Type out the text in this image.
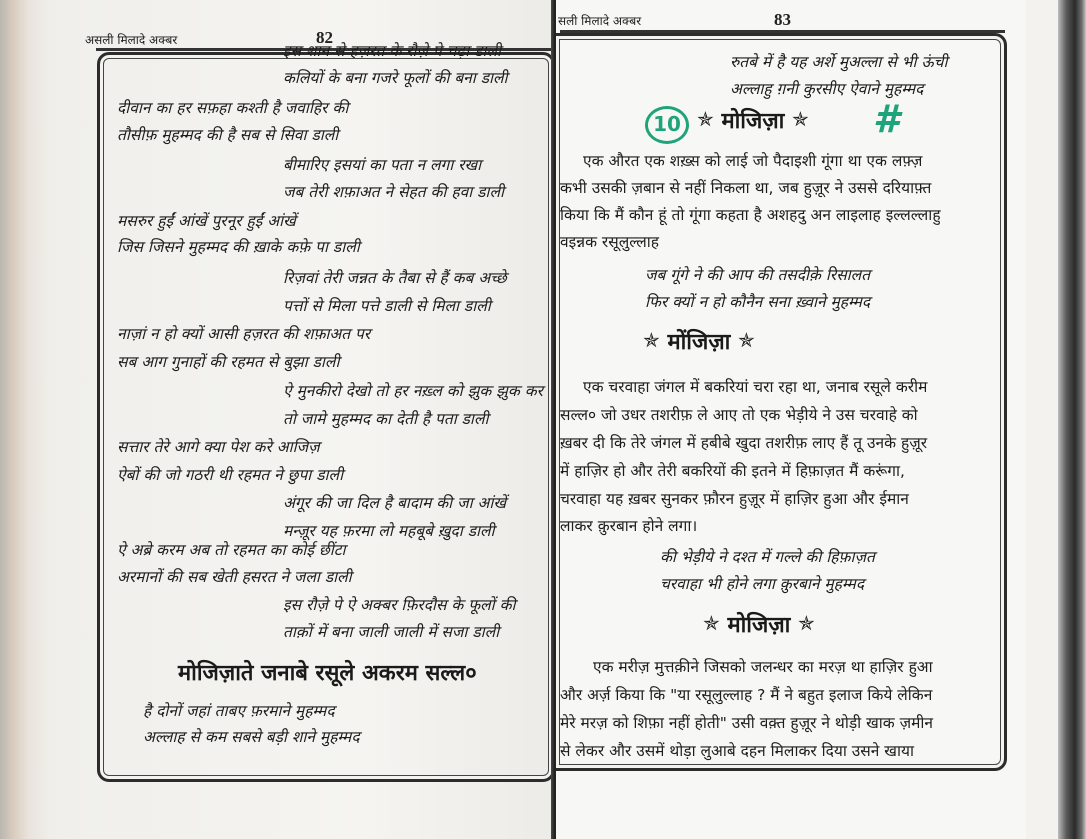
असली मिलादे अक्बर	82
इस शान से हज़रत के रौज़े पे चढ़ा डाली
कलियों के बना गजरे फूलों की बना डाली
दीवान का हर सफ़हा कश्ती है जवाहिर की
तौसीफ़ मुहम्मद की है सब से सिवा डाली
बीमारिए इसयां का पता न लगा रखा
जब तेरी शफ़ाअत ने सेहत की हवा डाली
मसरुर हुईं आंखें पुरनूर हुईं आंखें
जिस जिसने मुहम्मद की ख़ाके कफ़े पा डाली
रिज़वां तेरी जन्नत के तैबा से हैं कब अच्छे
पत्तों से मिला पत्ते डाली से मिला डाली
नाज़ां न हो क्यों आसी हज़रत की शफ़ाअत पर
सब आग गुनाहों की रहमत से बुझा डाली
ऐ मुनकीरो देखो तो हर नख़्ल को झुक झुक कर
तो जामे मुहम्मद का देती है पता डाली
सत्तार तेरे आगे क्या पेश करे आजिज़
ऐबों की जो गठरी थी रहमत ने छुपा डाली
अंगूर की जा दिल है बादाम की जा आंखें
मन्ज़ूर यह फ़रमा लो महबूबे ख़ुदा डाली
ऐ अब्रे करम अब तो रहमत का कोई छींटा
अरमानों की सब खेती हसरत ने जला डाली
इस रौज़े पे ऐ अक्बर फ़िरदौस के फूलों की
ताक़ों में बना जाली जाली में सजा डाली
मोजिज़ाते जनाबे रसूले अकरम सल्ल०
है दोनों जहां ताबए फ़रमाने मुहम्मद
अल्लाह से कम सबसे बड़ी शाने मुहम्मद
सली मिलादे अक्बर	83
रुतबे में है यह अर्शे मुअल्ला से भी ऊंची
अल्लाहु ग़नी कुरसीए ऐवाने मुहम्मद
10 ✯ मोजिज़ा ✯ #
एक औरत एक शख़्स को लाई जो पैदाइशी गूंगा था एक लफ़्ज़
कभी उसकी ज़बान से नहीं निकला था, जब हुज़ूर ने उससे दरियाफ़्त
किया कि मैं कौन हूं तो गूंगा कहता है अशहदु अन लाइलाह इल्लल्लाहु
वइन्नक रसूलुल्लाह
जब गूंगे ने की आप की तसदीक़े रिसालत
फिर क्यों न हो कौनैन सना ख़्वाने मुहम्मद
✯ मोंजिज़ा ✯
एक चरवाहा जंगल में बकरियां चरा रहा था, जनाब रसूले करीम
सल्ल० जो उधर तशरीफ़ ले आए तो एक भेड़ीये ने उस चरवाहे को
ख़बर दी कि तेरे जंगल में हबीबे खुदा तशरीफ़ लाए हैं तू उनके हुज़ूर
में हाज़िर हो और तेरी बकरियों की इतने में हिफ़ाज़त मैं करूंगा,
चरवाहा यह ख़बर सुनकर फ़ौरन हुज़ूर में हाज़िर हुआ और ईमान
लाकर क़ुरबान होने लगा।
की भेड़ीये ने दश्त में गल्ले की हिफ़ाज़त
चरवाहा भी होने लगा क़ुरबाने मुहम्मद
✯ मोजिज़ा ✯
एक मरीज़ मुत्तक़ीने जिसको जलन्धर का मरज़ था हाज़िर हुआ
और अर्ज़ किया कि "या रसूलुल्लाह ? मैं ने बहुत इलाज किये लेकिन
मेरे मरज़ को शिफ़ा नहीं होती" उसी वक़्त हुज़ूर ने थोड़ी खाक ज़मीन
से लेकर और उसमें थोड़ा लुआबे दहन मिलाकर दिया उसने खाया
